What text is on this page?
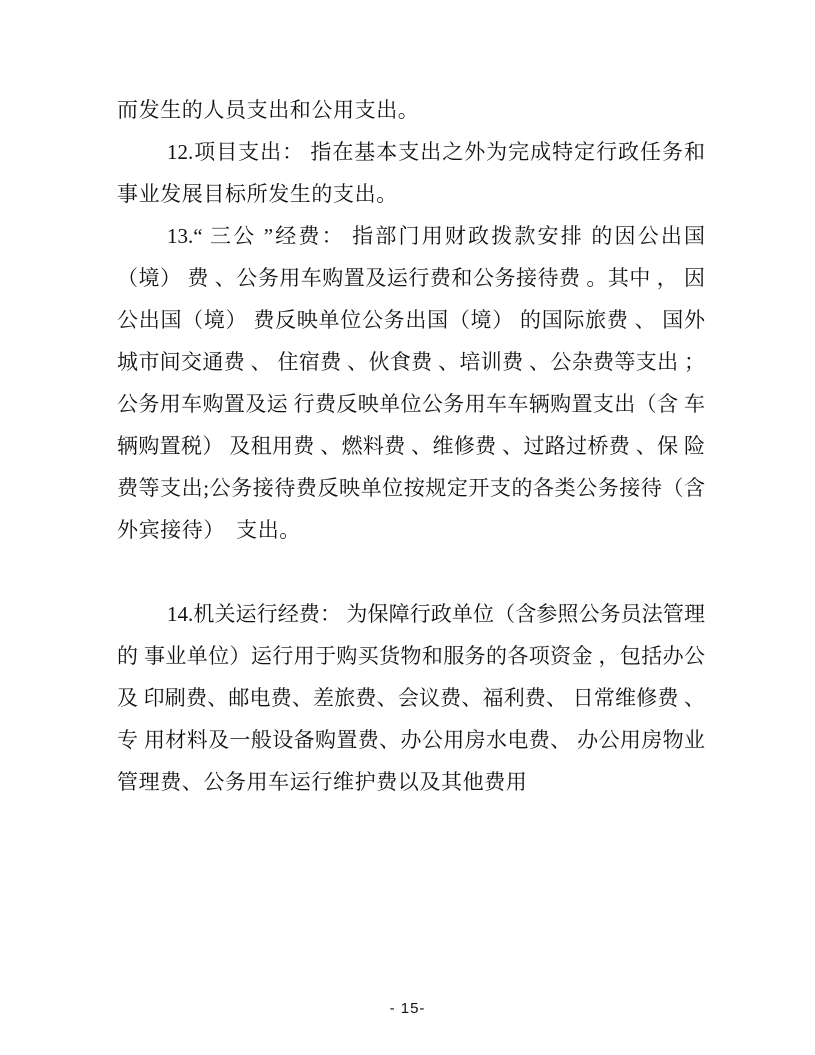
而发生的人员支出和公用支出。
12.项目支出： 指在基本支出之外为完成特定行政任务和
事业发展目标所发生的支出。
13.“ 三公 ”经费： 指部门用财政拨款安排 的因公出国
（境） 费 、公务用车购置及运行费和公务接待费 。其中 ， 因
公出国（境） 费反映单位公务出国（境） 的国际旅费 、 国外
城市间交通费 、 住宿费 、伙食费 、培训费 、公杂费等支出 ；
公务用车购置及运 行费反映单位公务用车车辆购置支出（含 车
辆购置税） 及租用费 、燃料费 、维修费 、过路过桥费 、保 险
费等支出;公务接待费反映单位按规定开支的各类公务接待（含
外宾接待）　支出。
14.机关运行经费： 为保障行政单位（含参照公务员法管理
的 事业单位）运行用于购买货物和服务的各项资金 ，包括办公
及 印刷费、邮电费、差旅费、会议费、福利费、 日常维修费 、
专 用材料及一般设备购置费、办公用房水电费、 办公用房物业
管理费、公务用车运行维护费以及其他费用
- 15-
